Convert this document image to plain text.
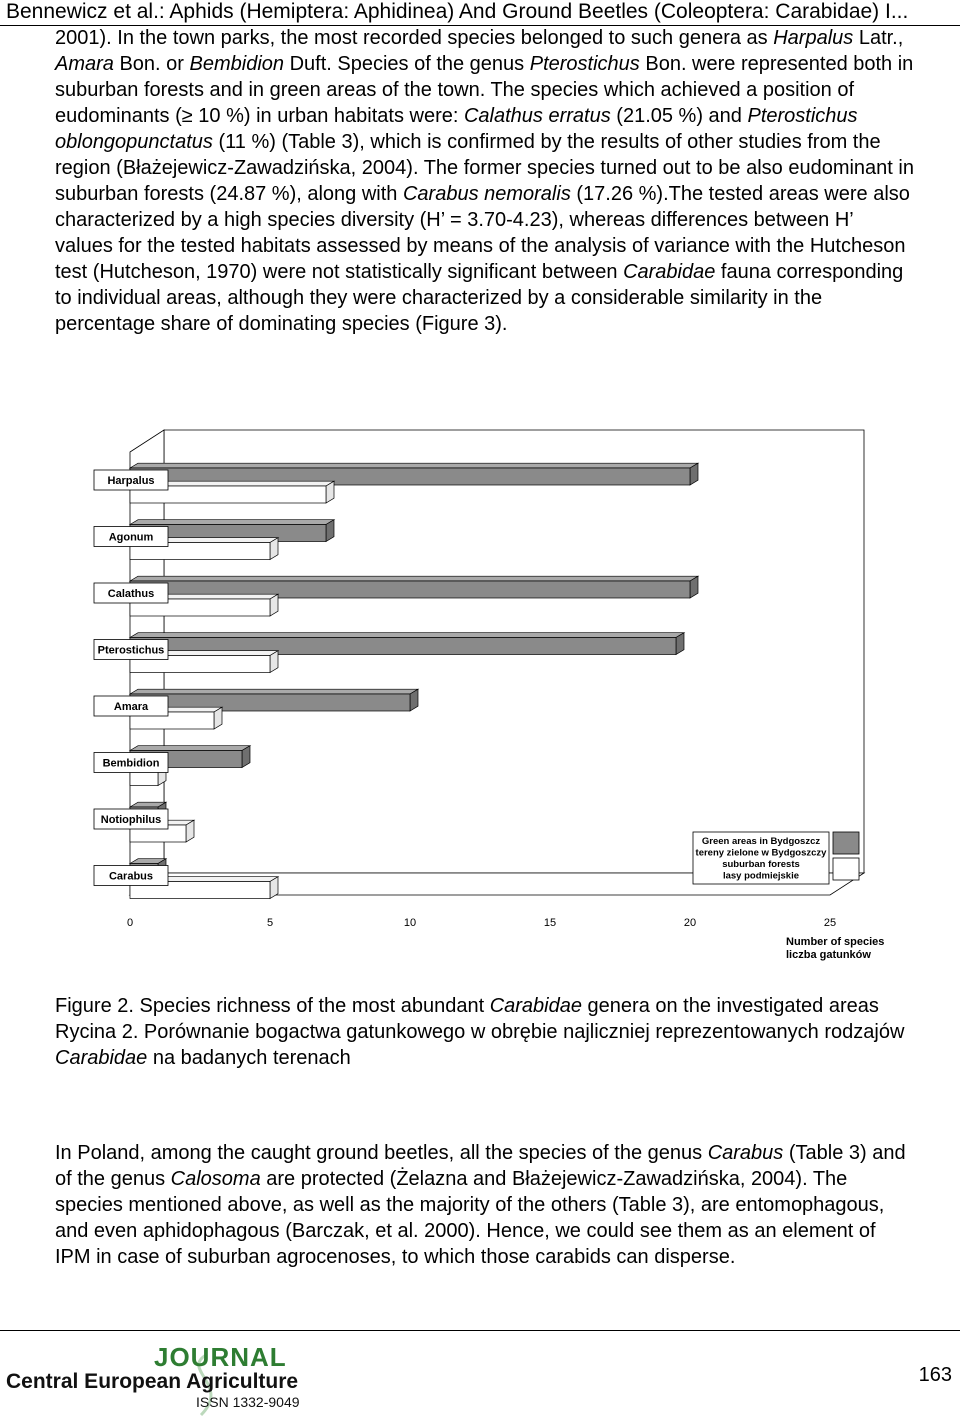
Bennewicz et al.: Aphids (Hemiptera: Aphidinea) And Ground Beetles (Coleoptera: Carabidae) I...

2001). In the town parks, the most recorded species belonged to such genera as Harpalus Latr., Amara Bon. or Bembidion Duft. Species of the genus Pterostichus Bon. were represented both in suburban forests and in green areas of the town. The species which achieved a position of eudominants (≥ 10 %) in urban habitats were: Calathus erratus (21.05 %) and Pterostichus oblongopunctatus (11 %) (Table 3), which is confirmed by the results of other studies from the region (Błażejewicz-Zawadzińska, 2004). The former species turned out to be also eudominant in suburban forests (24.87 %), along with Carabus nemoralis (17.26 %).The tested areas were also characterized by a high species diversity (H’ = 3.70-4.23), whereas differences between H’ values for the tested habitats assessed by means of the analysis of variance with the Hutcheson test (Hutcheson, 1970) were not statistically significant between Carabidae fauna corresponding to individual areas, although they were characterized by a considerable similarity in the percentage share of dominating species (Figure 3).

0	5	10	15	20	25
Number of species
liczba gatunków
Harpalus
Agonum
Calathus
Pterostichus
Amara
Bembidion
Notiophilus
Carabus
Green areas in Bydgoszcz
tereny zielone w Bydgoszczy
suburban forests
lasy podmiejskie
Figure 2. Species richness of the most abundant Carabidae genera on the investigated areas
Rycina 2. Porównanie bogactwa gatunkowego w obrębie najliczniej reprezentowanych rodzajów Carabidae na badanych terenach

In Poland, among the caught ground beetles, all the species of the genus Carabus (Table 3) and of the genus Calosoma are protected (Żelazna and Błażejewicz-Zawadzińska, 2004). The species mentioned above, as well as the majority of the others (Table 3), are entomophagous, and even aphidophagous (Barczak, et al. 2000). Hence, we could see them as an element of IPM in case of suburban agrocenoses, to which those carabids can disperse.

JOURNAL
Central European Agriculture
ISSN 1332-9049
163
